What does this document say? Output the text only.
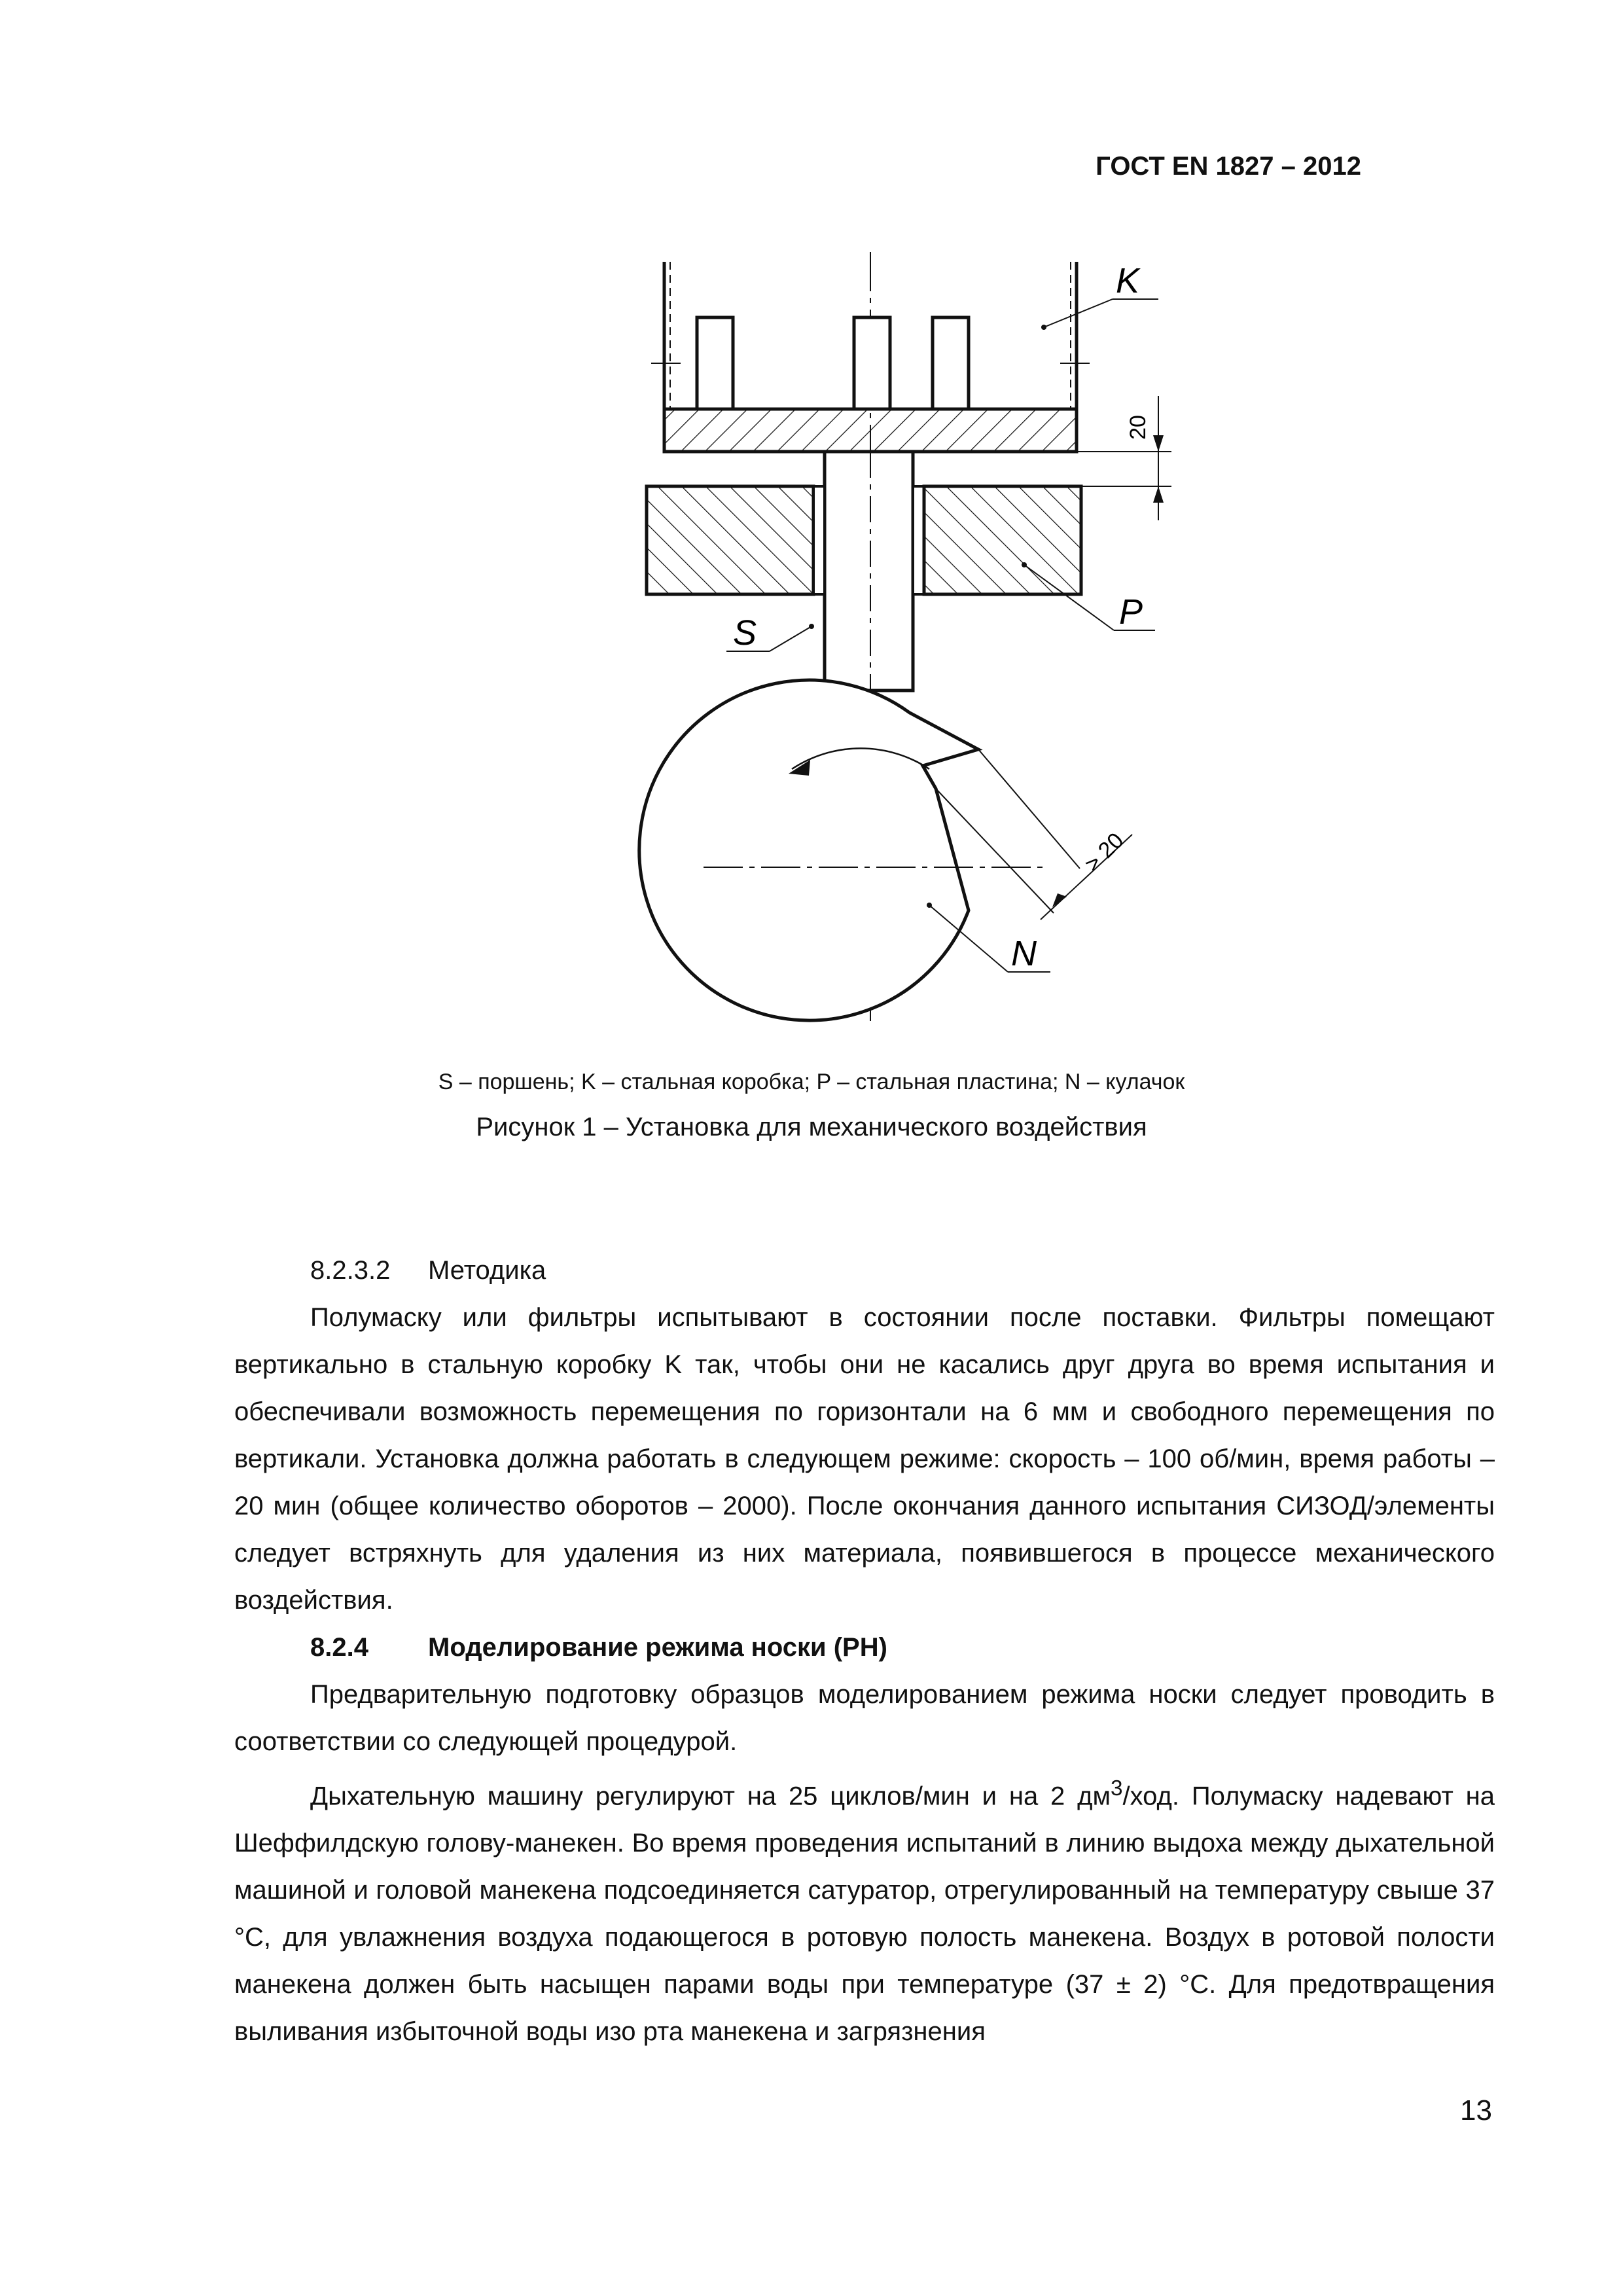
ГОСТ EN 1827 – 2012
20
> 20
K
P
S
N
S – поршень; K – стальная коробка; P – стальная пластина; N – кулачок
Рисунок 1 – Установка для механического воздействия

8.2.3.2 Методика

Полумаску или фильтры испытывают в состоянии после поставки. Фильтры помещают вертикально в стальную коробку K так, чтобы они не касались друг друга во время испытания и обеспечивали возможность перемещения по горизонтали на 6 мм и свободного перемещения по вертикали. Установка должна работать в следующем режиме: скорость – 100 об/мин, время работы – 20 мин (общее количество оборотов – 2000). После окончания данного испытания СИЗОД/элементы следует встряхнуть для удаления из них материала, появившегося в процессе механического воздействия.

8.2.4 Моделирование режима носки (РН)

Предварительную подготовку образцов моделированием режима носки следует проводить в соответствии со следующей процедурой.

Дыхательную машину регулируют на 25 циклов/мин и на 2 $дм^3$/ход. Полумаску надевают на Шеффилдскую голову-манекен. Во время проведения испытаний в линию выдоха между дыхательной машиной и головой манекена подсоединяется сатуратор, отрегулированный на температуру свыше 37 °С, для увлажнения воздуха подающегося в ротовую полость манекена. Воздух в ротовой полости манекена должен быть насыщен парами воды при температуре (37 ± 2) °С. Для предотвращения выливания избыточной воды изо рта манекена и загрязнения

13
